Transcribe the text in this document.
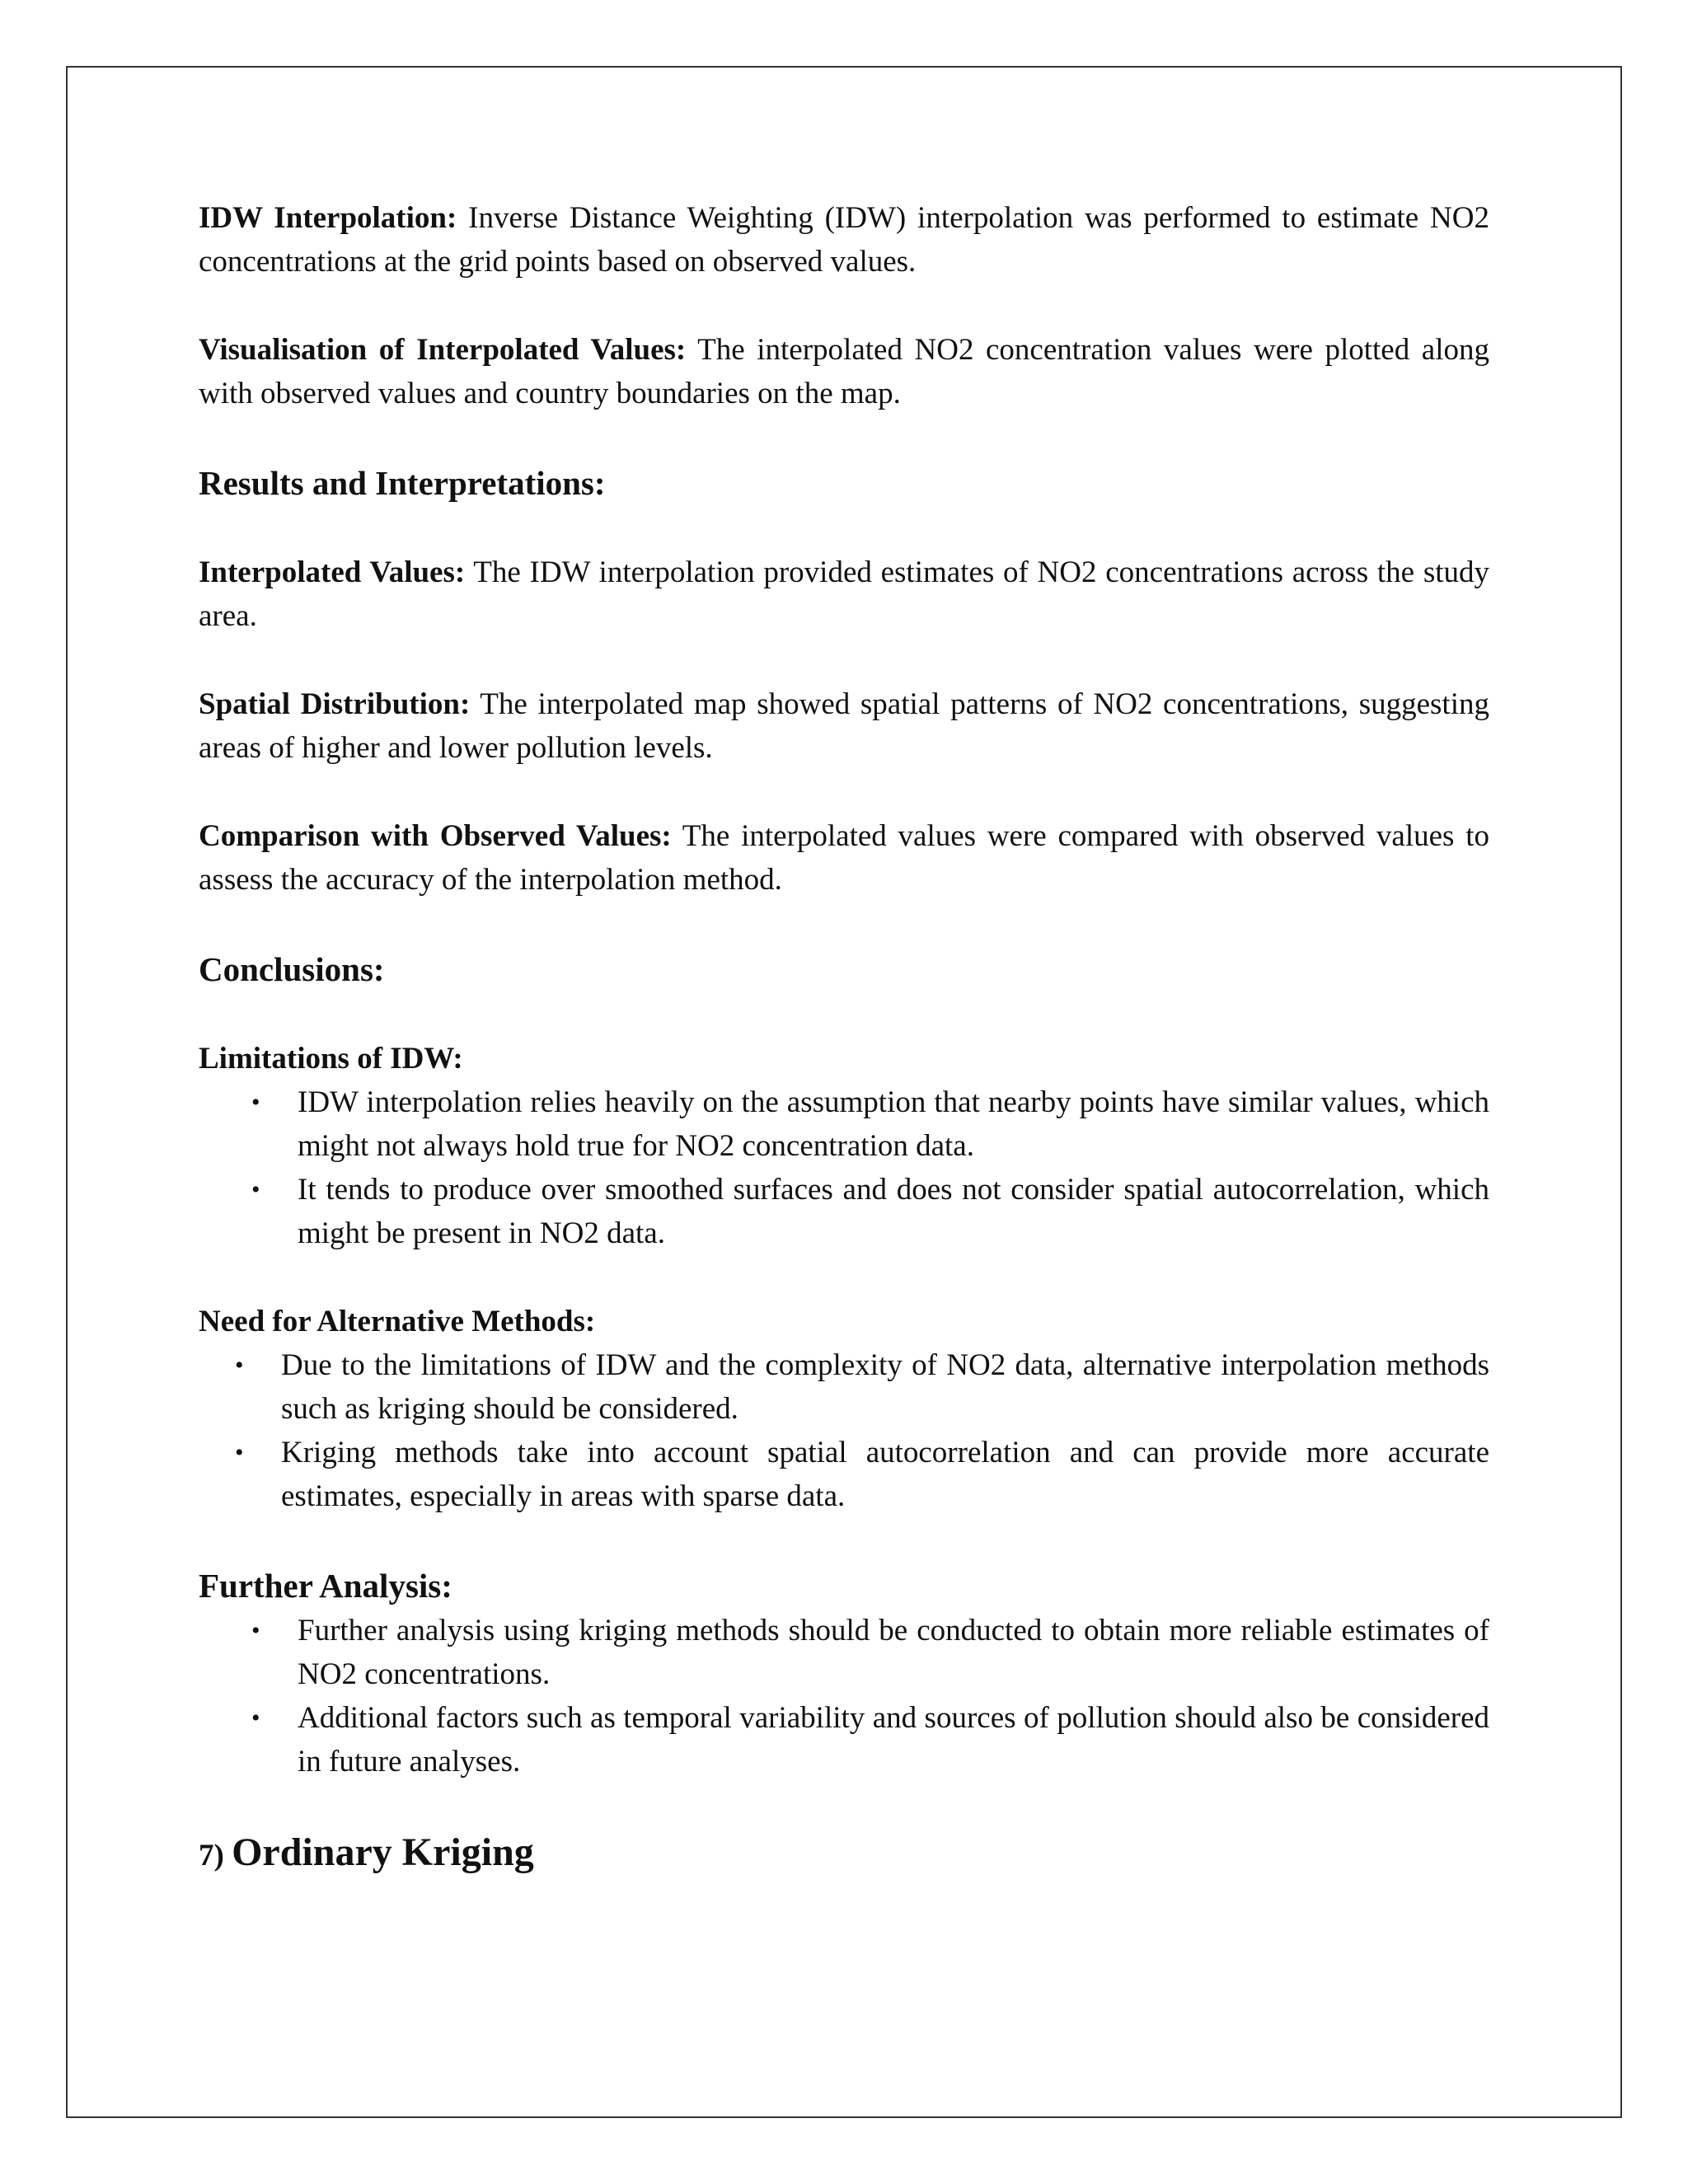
IDW Interpolation: Inverse Distance Weighting (IDW) interpolation was performed to estimate NO2 concentrations at the grid points based on observed values.

Visualisation of Interpolated Values: The interpolated NO2 concentration values were plotted along with observed values and country boundaries on the map.

Results and Interpretations:

Interpolated Values: The IDW interpolation provided estimates of NO2 concentrations across the study area.

Spatial Distribution: The interpolated map showed spatial patterns of NO2 concentrations, suggesting areas of higher and lower pollution levels.

Comparison with Observed Values: The interpolated values were compared with observed values to assess the accuracy of the interpolation method.

Conclusions:

Limitations of IDW:

• IDW interpolation relies heavily on the assumption that nearby points have similar values, which might not always hold true for NO2 concentration data.
• It tends to produce over smoothed surfaces and does not consider spatial autocorrelation, which might be present in NO2 data.

Need for Alternative Methods:

• Due to the limitations of IDW and the complexity of NO2 data, alternative interpolation methods such as kriging should be considered.
• Kriging methods take into account spatial autocorrelation and can provide more accurate estimates, especially in areas with sparse data.

Further Analysis:

• Further analysis using kriging methods should be conducted to obtain more reliable estimates of NO2 concentrations.
• Additional factors such as temporal variability and sources of pollution should also be considered in future analyses.

7) Ordinary Kriging
